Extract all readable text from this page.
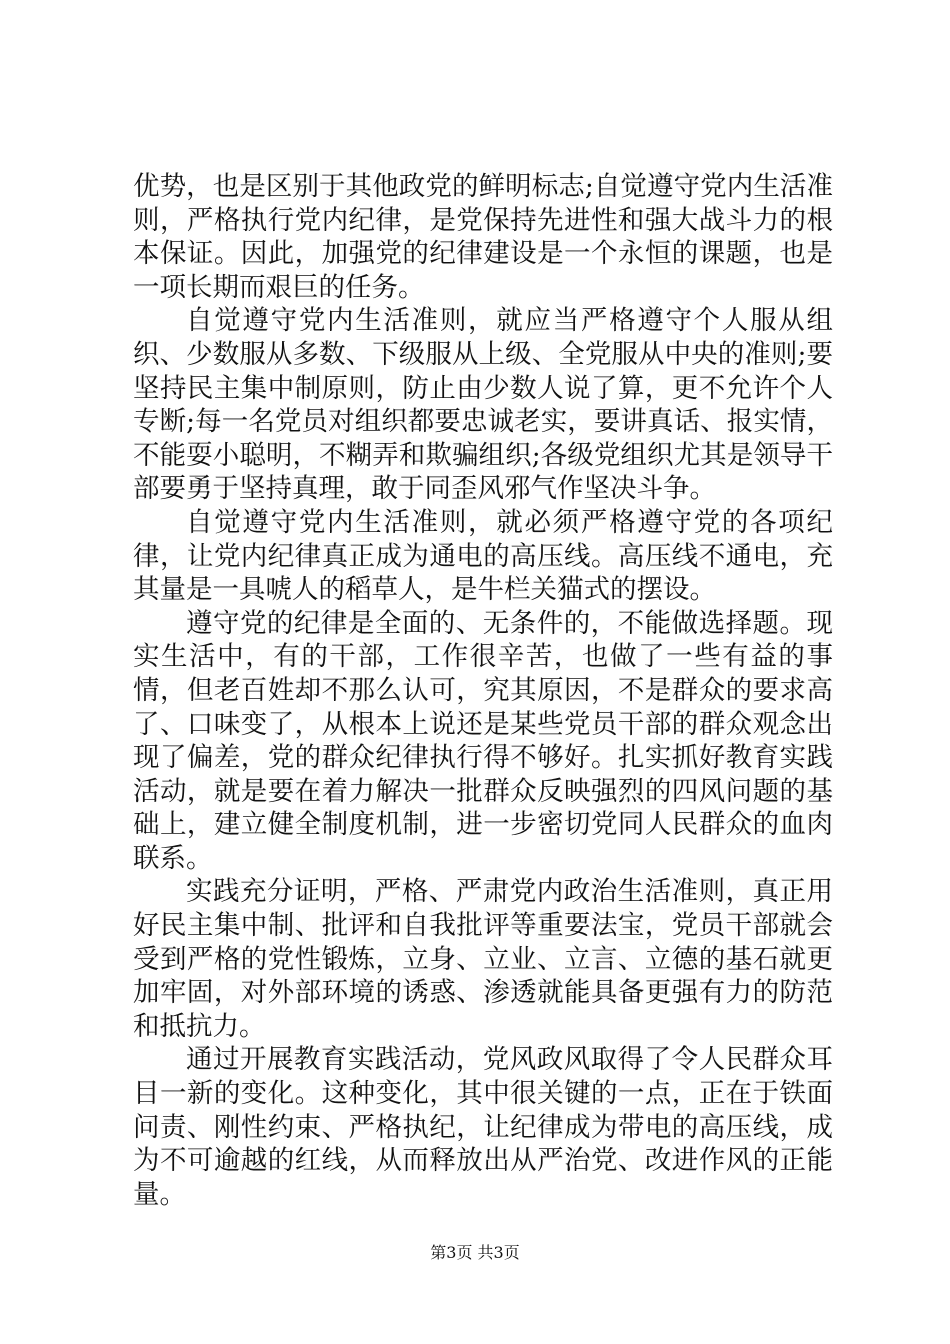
优势，也是区别于其他政党的鲜明标志;自觉遵守党内生活准则，严格执行党内纪律，是党保持先进性和强大战斗力的根本保证。因此，加强党的纪律建设是一个永恒的课题，也是一项长期而艰巨的任务。

自觉遵守党内生活准则，就应当严格遵守个人服从组织、少数服从多数、下级服从上级、全党服从中央的准则;要坚持民主集中制原则，防止由少数人说了算，更不允许个人专断;每一名党员对组织都要忠诚老实，要讲真话、报实情，不能耍小聪明，不糊弄和欺骗组织;各级党组织尤其是领导干部要勇于坚持真理，敢于同歪风邪气作坚决斗争。

自觉遵守党内生活准则，就必须严格遵守党的各项纪律，让党内纪律真正成为通电的高压线。高压线不通电，充其量是一具唬人的稻草人，是牛栏关猫式的摆设。

遵守党的纪律是全面的、无条件的，不能做选择题。现实生活中，有的干部，工作很辛苦，也做了一些有益的事情，但老百姓却不那么认可，究其原因，不是群众的要求高了、口味变了，从根本上说还是某些党员干部的群众观念出现了偏差，党的群众纪律执行得不够好。扎实抓好教育实践活动，就是要在着力解决一批群众反映强烈的四风问题的基础上，建立健全制度机制，进一步密切党同人民群众的血肉联系。

实践充分证明，严格、严肃党内政治生活准则，真正用好民主集中制、批评和自我批评等重要法宝，党员干部就会受到严格的党性锻炼，立身、立业、立言、立德的基石就更加牢固，对外部环境的诱惑、渗透就能具备更强有力的防范和抵抗力。

通过开展教育实践活动，党风政风取得了令人民群众耳目一新的变化。这种变化，其中很关键的一点，正在于铁面问责、刚性约束、严格执纪，让纪律成为带电的高压线，成为不可逾越的红线，从而释放出从严治党、改进作风的正能量。

第3页 共3页
